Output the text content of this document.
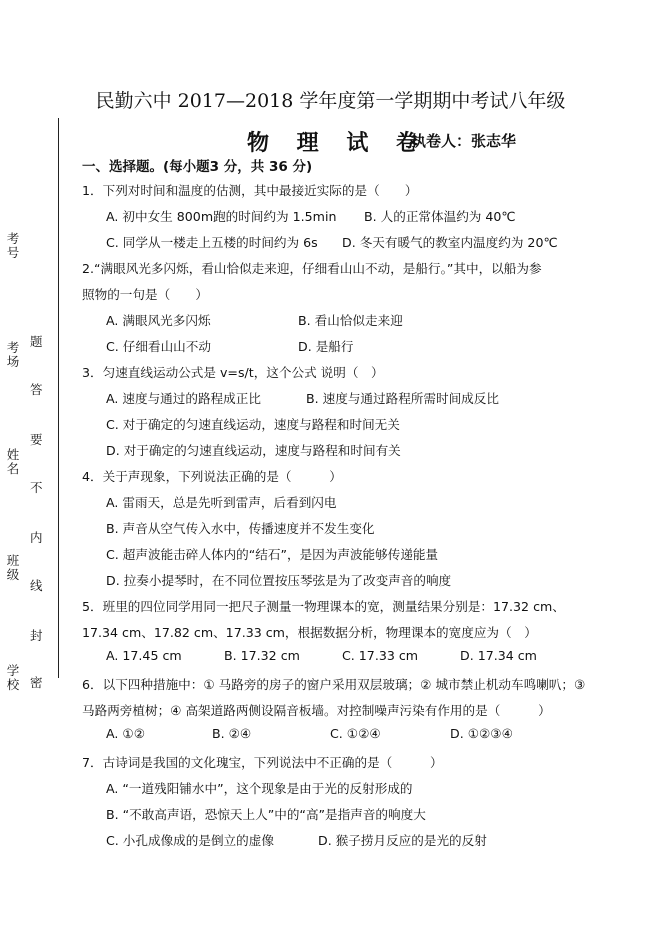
民勤六中 2017—2018 学年度第一学期期中考试八年级
物 理 试 卷
执卷人：张志华
考号
考场
姓名
班级
学校
题
答
要
不
内
线
封
密
一、选择题。(每小题3 分，共 36 分)
1．下列对时间和温度的估测，其中最接近实际的是（　　）
A. 初中女生 800m跑的时间约为 1.5min B. 人的正常体温约为 40℃
C. 同学从一楼走上五楼的时间约为 6s D. 冬天有暖气的教室内温度约为 20℃
2.“满眼风光多闪烁，看山恰似走来迎，仔细看山山不动，是船行。”其中，以船为参
照物的一句是（　　）
A. 满眼风光多闪烁	B. 看山恰似走来迎
C. 仔细看山山不动	D. 是船行
3．匀速直线运动公式是 v=s/t，这个公式 说明（　）
A. 速度与通过的路程成正比	B. 速度与通过路程所需时间成反比
C. 对于确定的匀速直线运动，速度与路程和时间无关
D. 对于确定的匀速直线运动，速度与路程和时间有关
4．关于声现象，下列说法正确的是（　　　）
A. 雷雨天，总是先听到雷声，后看到闪电
B. 声音从空气传入水中，传播速度并不发生变化
C. 超声波能击碎人体内的“结石”，是因为声波能够传递能量
D. 拉奏小提琴时，在不同位置按压琴弦是为了改变声音的响度
5．班里的四位同学用同一把尺子测量一物理课本的宽，测量结果分别是：17.32 cm、
17.34 cm、17.82 cm、17.33 cm，根据数据分析，物理课本的宽度应为（　）
A. 17.45 cm	B. 17.32 cm	C. 17.33 cm	D. 17.34 cm
6．以下四种措施中：① 马路旁的房子的窗户采用双层玻璃；② 城市禁止机动车鸣喇叭；③
马路两旁植树；④ 高架道路两侧设隔音板墙。对控制噪声污染有作用的是（　　　）
A. ①②	B. ②④	C. ①②④	D. ①②③④
7．古诗词是我国的文化瑰宝，下列说法中不正确的是（　　　）
A. “一道残阳铺水中”，这个现象是由于光的反射形成的
B. “不敢高声语，恐惊天上人”中的“高”是指声音的响度大
C. 小孔成像成的是倒立的虚像	D. 猴子捞月反应的是光的反射
